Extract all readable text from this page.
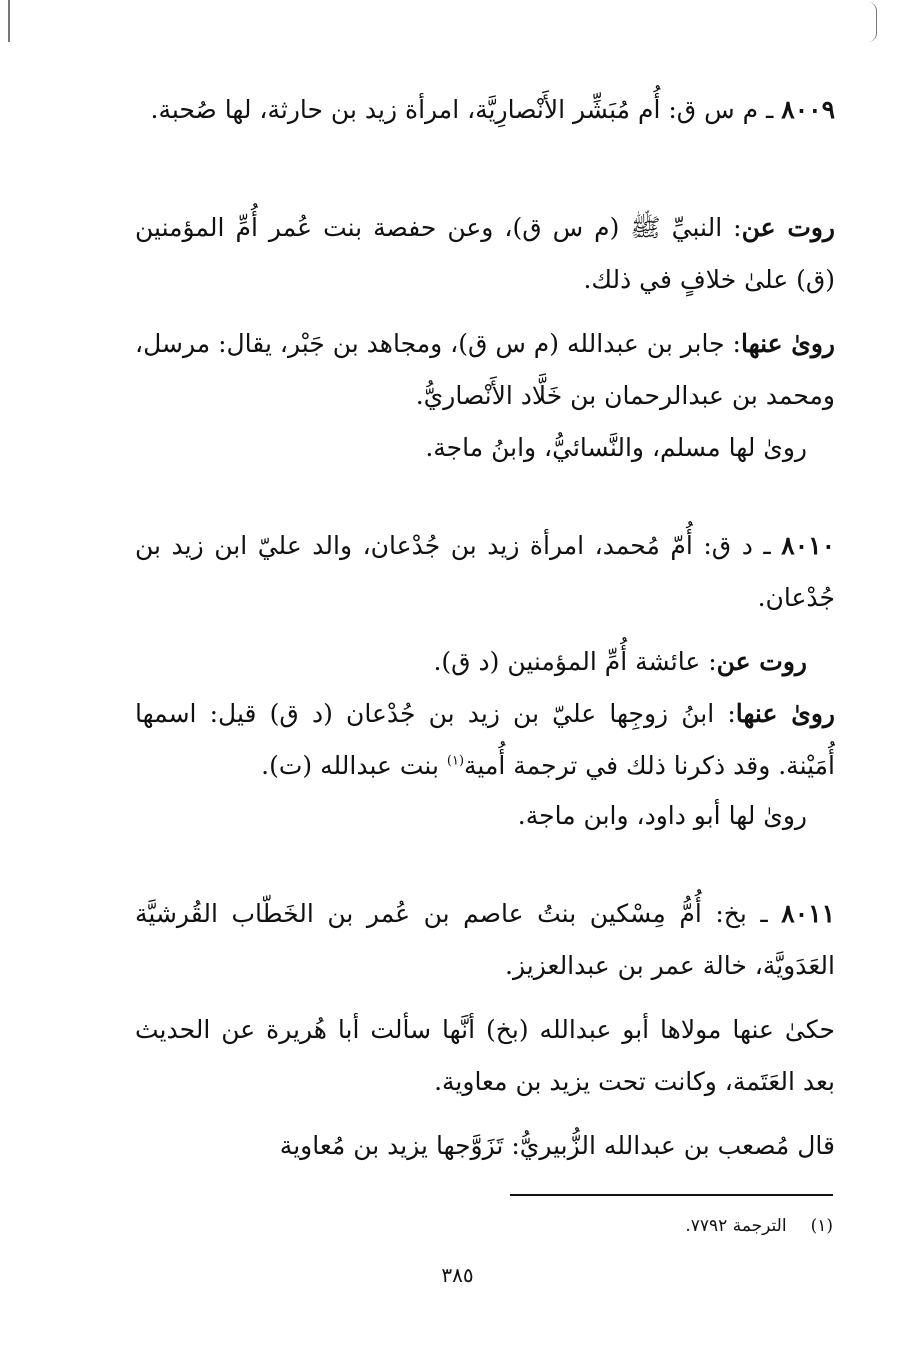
٨٠٠٩ ـ م س ق: أُم مُبَشِّر الأَنْصارِيَّة، امرأة زيد بن حارثة، لها صُحبة.

روت عن: النبيِّ ﷺ (م س ق)، وعن حفصة بنت عُمر أُمِّ المؤمنين (ق) علىٰ خلافٍ في ذلك.

روىٰ عنها: جابر بن عبدالله (م س ق)، ومجاهد بن جَبْر، يقال: مرسل، ومحمد بن عبدالرحمان بن خَلَّاد الأَنْصاريُّ.

روىٰ لها مسلم، والنَّسائيُّ، وابنُ ماجة.

٨٠١٠ ـ د ق: أُمّ مُحمد، امرأة زيد بن جُدْعان، والد عليّ ابن زيد بن جُدْعان.

روت عن: عائشة أُمِّ المؤمنين (د ق).

روىٰ عنها: ابنُ زوجِها عليّ بن زيد بن جُدْعان (د ق) قيل: اسمها أُمَيْنة. وقد ذكرنا ذلك في ترجمة أُمية$^{(١)}$ بنت عبدالله (ت).

روىٰ لها أبو داود، وابن ماجة.

٨٠١١ ـ بخ: أُمُّ مِسْكين بنتُ عاصم بن عُمر بن الخَطّاب القُرشيَّة العَدَويَّة، خالة عمر بن عبدالعزيز.

حكىٰ عنها مولاها أبو عبدالله (بخ) أنَّها سألت أبا هُريرة عن الحديث بعد العَتَمة، وكانت تحت يزيد بن معاوية.

قال مُصعب بن عبدالله الزُّبيريُّ: تَزَوَّجها يزيد بن مُعاوية

(١)الترجمة ٧٧٩٢.

٣٨٥
